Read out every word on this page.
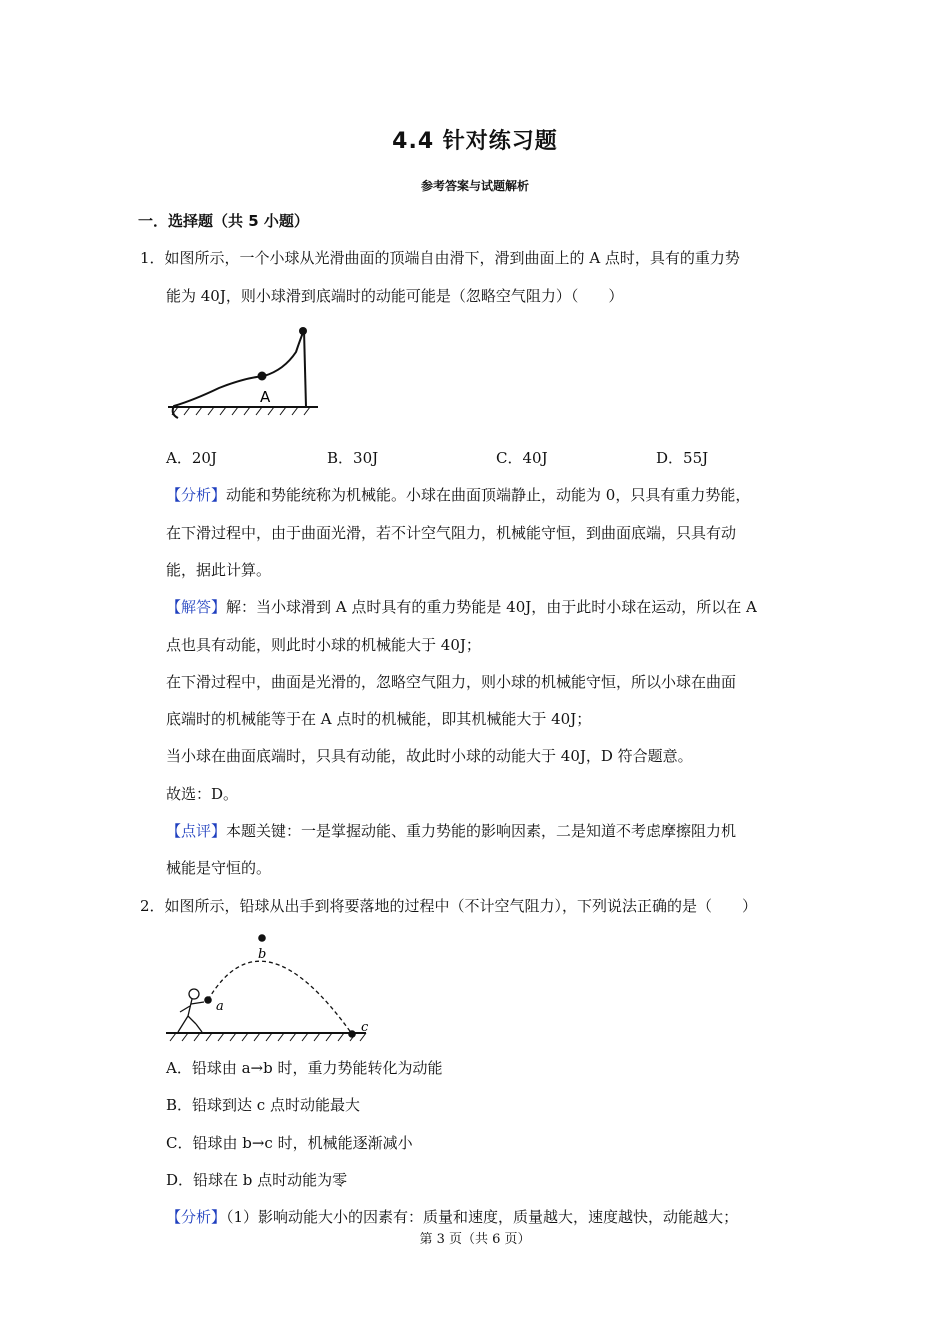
4.4 针对练习题
参考答案与试题解析
一．选择题（共 5 小题）
1．如图所示，一个小球从光滑曲面的顶端自由滑下，滑到曲面上的 A 点时，具有的重力势
能为 40J，则小球滑到底端时的动能可能是（忽略空气阻力）（　　）
A
A．20J	B．30J	C．40J	D．55J
【分析】动能和势能统称为机械能。小球在曲面顶端静止，动能为 0，只具有重力势能，
在下滑过程中，由于曲面光滑，若不计空气阻力，机械能守恒，到曲面底端，只具有动
能，据此计算。
【解答】解：当小球滑到 A 点时具有的重力势能是 40J，由于此时小球在运动，所以在 A
点也具有动能，则此时小球的机械能大于 40J；
在下滑过程中，曲面是光滑的，忽略空气阻力，则小球的机械能守恒，所以小球在曲面
底端时的机械能等于在 A 点时的机械能，即其机械能大于 40J；
当小球在曲面底端时，只具有动能，故此时小球的动能大于 40J，D 符合题意。
故选：D。
【点评】本题关键：一是掌握动能、重力势能的影响因素，二是知道不考虑摩擦阻力机
械能是守恒的。
2．如图所示，铅球从出手到将要落地的过程中（不计空气阻力），下列说法正确的是（　　）
a
b
c
A．铅球由 a→b 时，重力势能转化为动能
B．铅球到达 c 点时动能最大
C．铅球由 b→c 时，机械能逐渐减小
D．铅球在 b 点时动能为零
【分析】（1）影响动能大小的因素有：质量和速度，质量越大，速度越快，动能越大；
第 3 页（共 6 页）
